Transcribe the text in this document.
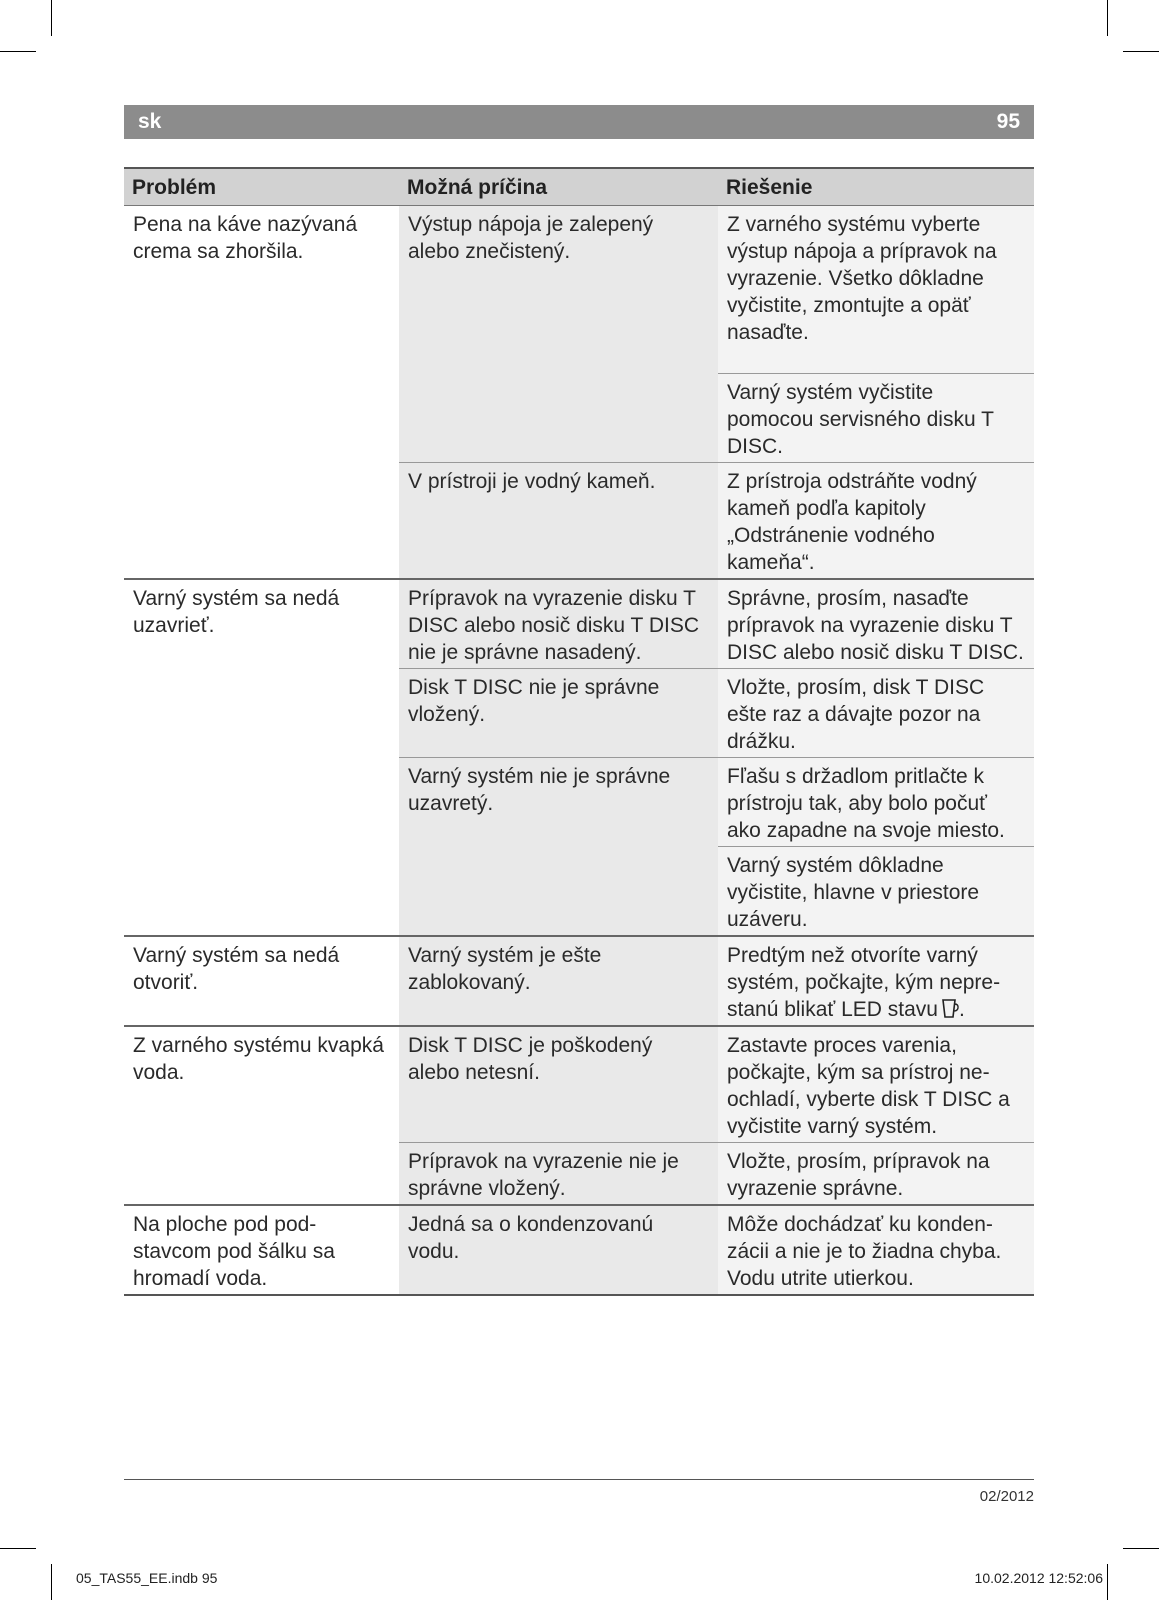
sk	95
Problém	Možná príčina	Riešenie
Pena na káve nazývaná crema sa zhoršila.	Výstup nápoja je zalepený alebo znečistený.	Z varného systému vyberte výstup nápoja a prípravok na vyrazenie. Všetko dôkladne vyčistite, zmontujte a opäť nasaďte.
		Varný systém vyčistite pomocou servisného disku T DISC.
	V prístroji je vodný kameň.	Z prístroja odstráňte vodný kameň podľa kapitoly „Odstránenie vodného kameňa“.
Varný systém sa nedá uzavrieť.	Prípravok na vyrazenie disku T DISC alebo nosič disku T DISC nie je správne nasadený.	Správne, prosím, nasaďte prípravok na vyrazenie disku T DISC alebo nosič disku T DISC.
	Disk T DISC nie je správne vložený.	Vložte, prosím, disk T DISC ešte raz a dávajte pozor na drážku.
	Varný systém nie je správne uzavretý.	Fľašu s držadlom pritlačte k prístroju tak, aby bolo počuť ako zapadne na svoje miesto.
		Varný systém dôkladne vyčistite, hlavne v priestore uzáveru.
Varný systém sa nedá otvoriť.	Varný systém je ešte zablokovaný.	Predtým než otvoríte varný systém, počkajte, kým nepre-stanú blikať LED stavu .
Z varného systému kvapká voda.	Disk T DISC je poškodený alebo netesní.	Zastavte proces varenia, počkajte, kým sa prístroj ne-ochladí, vyberte disk T DISC a vyčistite varný systém.
	Prípravok na vyrazenie nie je správne vložený.	Vložte, prosím, prípravok na vyrazenie správne.
Na ploche pod pod-stavcom pod šálku sa hromadí voda.	Jedná sa o kondenzovanú vodu.	Môže dochádzať ku konden-zácii a nie je to žiadna chyba. Vodu utrite utierkou.
02/2012
05_TAS55_EE.indb 95	10.02.2012 12:52:06
